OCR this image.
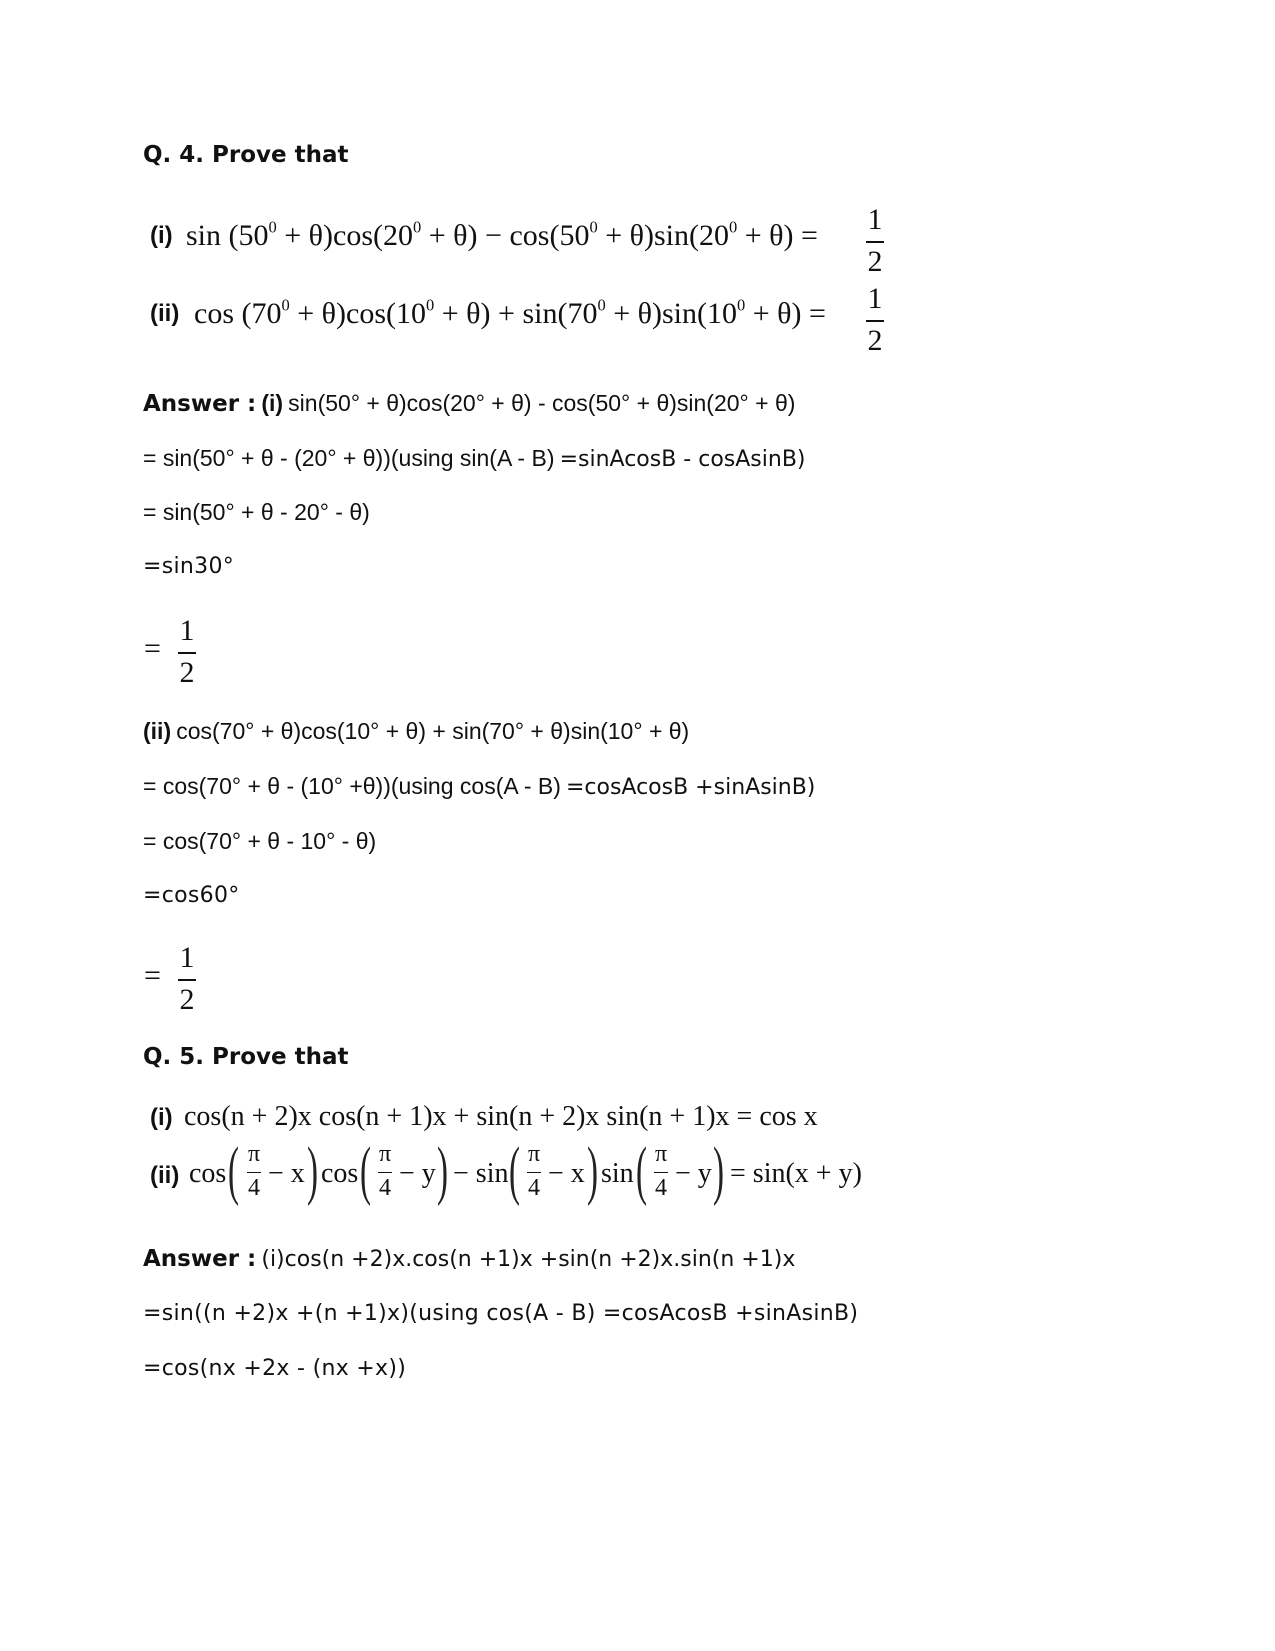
Q. 4. Prove that
(i) $\sin (50^0 + \theta)\cos(20^0 + \theta) - \cos(50^0 + \theta)\sin(20^0 + \theta) = 1$
2
(ii) $\cos (70^0 + \theta)\cos(10^0 + \theta) + \sin(70^0 + \theta)\sin(10^0 + \theta) = 1$
2
Answer : (i) sin(50° + θ)cos(20° + θ) - cos(50° + θ)sin(20° + θ)
= sin(50° + θ - (20° + θ))(using sin(A - B) =sinAcosB - cosAsinB)
= sin(50° + θ - 20° - θ)
=sin30°
=
1
2
(ii) cos(70° + θ)cos(10° + θ) + sin(70° + θ)sin(10° + θ)
= cos(70° + θ - (10° +θ))(using cos(A - B) =cosAcosB +sinAsinB)
= cos(70° + θ - 10° - θ)
=cos60°
=
1
2
Q. 5. Prove that
(i) cos(n + 2)x cos(n + 1)x + sin(n + 2)x sin(n + 1)x = cos x
(ii) cos ( π
4 − x ) cos ( π
4 − y ) − sin ( π
4 − x ) sin ( π
4 − y ) = sin(x + y)
Answer : (i)cos(n +2)x.cos(n +1)x +sin(n +2)x.sin(n +1)x
=sin((n +2)x +(n +1)x)(using cos(A - B) =cosAcosB +sinAsinB)
=cos(nx +2x - (nx +x))
